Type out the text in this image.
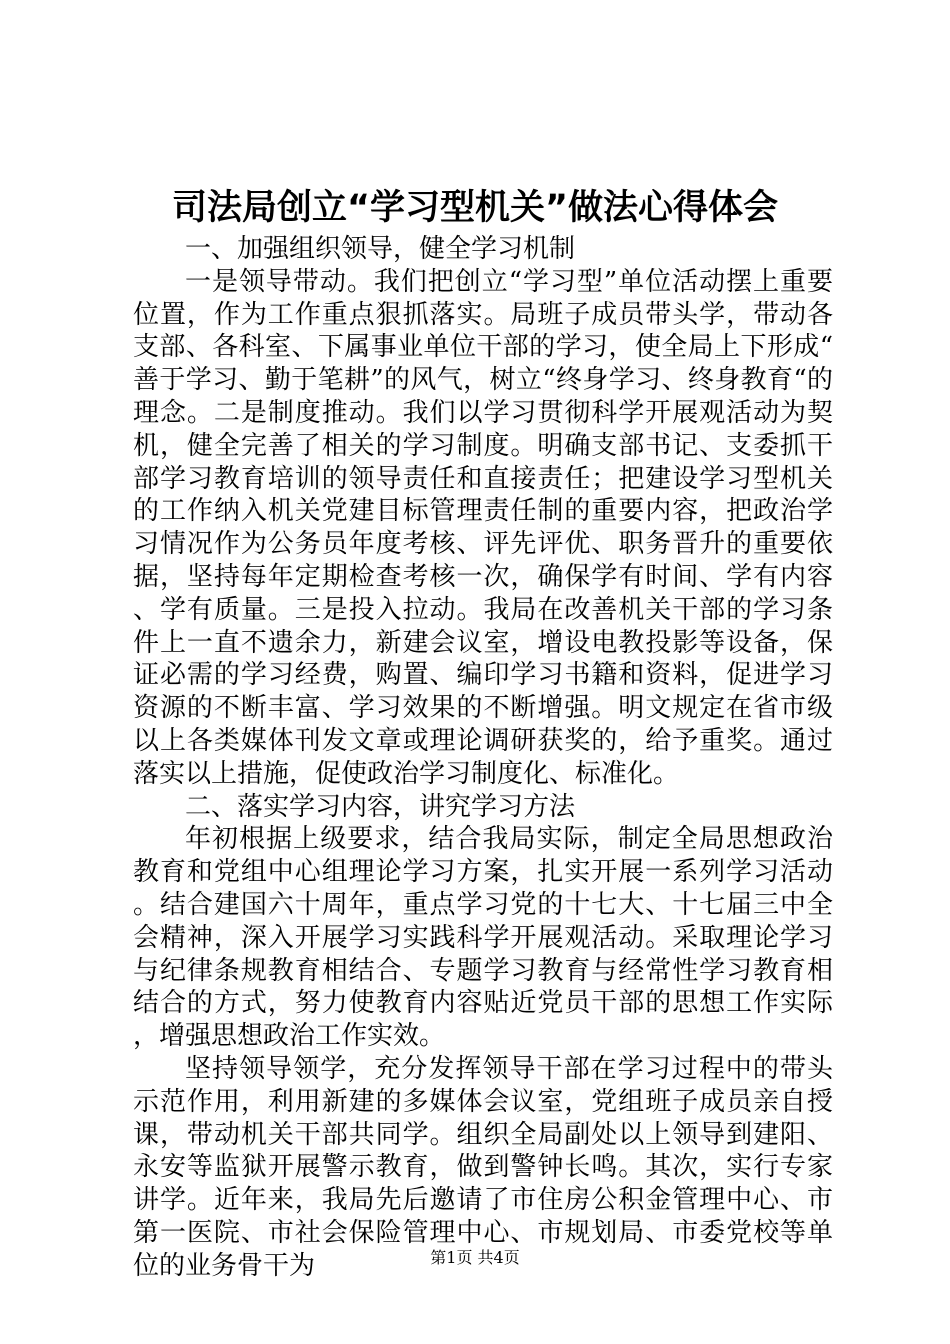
司法局创立“学习型机关”做法心得体会

一、加强组织领导，健全学习机制

一是领导带动。我们把创立“学习型”单位活动摆上重要位置，作为工作重点狠抓落实。局班子成员带头学，带动各支部、各科室、下属事业单位干部的学习，使全局上下形成“善于学习、勤于笔耕”的风气，树立“终身学习、终身教育“的理念。二是制度推动。我们以学习贯彻科学开展观活动为契机，健全完善了相关的学习制度。明确支部书记、支委抓干部学习教育培训的领导责任和直接责任；把建设学习型机关的工作纳入机关党建目标管理责任制的重要内容，把政治学习情况作为公务员年度考核、评先评优、职务晋升的重要依据，坚持每年定期检查考核一次，确保学有时间、学有内容、学有质量。三是投入拉动。我局在改善机关干部的学习条件上一直不遗余力，新建会议室，增设电教投影等设备，保证必需的学习经费，购置、编印学习书籍和资料，促进学习资源的不断丰富、学习效果的不断增强。明文规定在省市级以上各类媒体刊发文章或理论调研获奖的，给予重奖。通过落实以上措施，促使政治学习制度化、标准化。

二、落实学习内容，讲究学习方法

年初根据上级要求，结合我局实际，制定全局思想政治教育和党组中心组理论学习方案，扎实开展一系列学习活动。结合建国六十周年，重点学习党的十七大、十七届三中全会精神，深入开展学习实践科学开展观活动。采取理论学习与纪律条规教育相结合、专题学习教育与经常性学习教育相结合的方式，努力使教育内容贴近党员干部的思想工作实际，增强思想政治工作实效。

坚持领导领学，充分发挥领导干部在学习过程中的带头示范作用，利用新建的多媒体会议室，党组班子成员亲自授课，带动机关干部共同学。组织全局副处以上领导到建阳、永安等监狱开展警示教育，做到警钟长鸣。其次，实行专家讲学。近年来，我局先后邀请了市住房公积金管理中心、市第一医院、市社会保险管理中心、市规划局、市委党校等单位的业务骨干为	第1页 共4页
